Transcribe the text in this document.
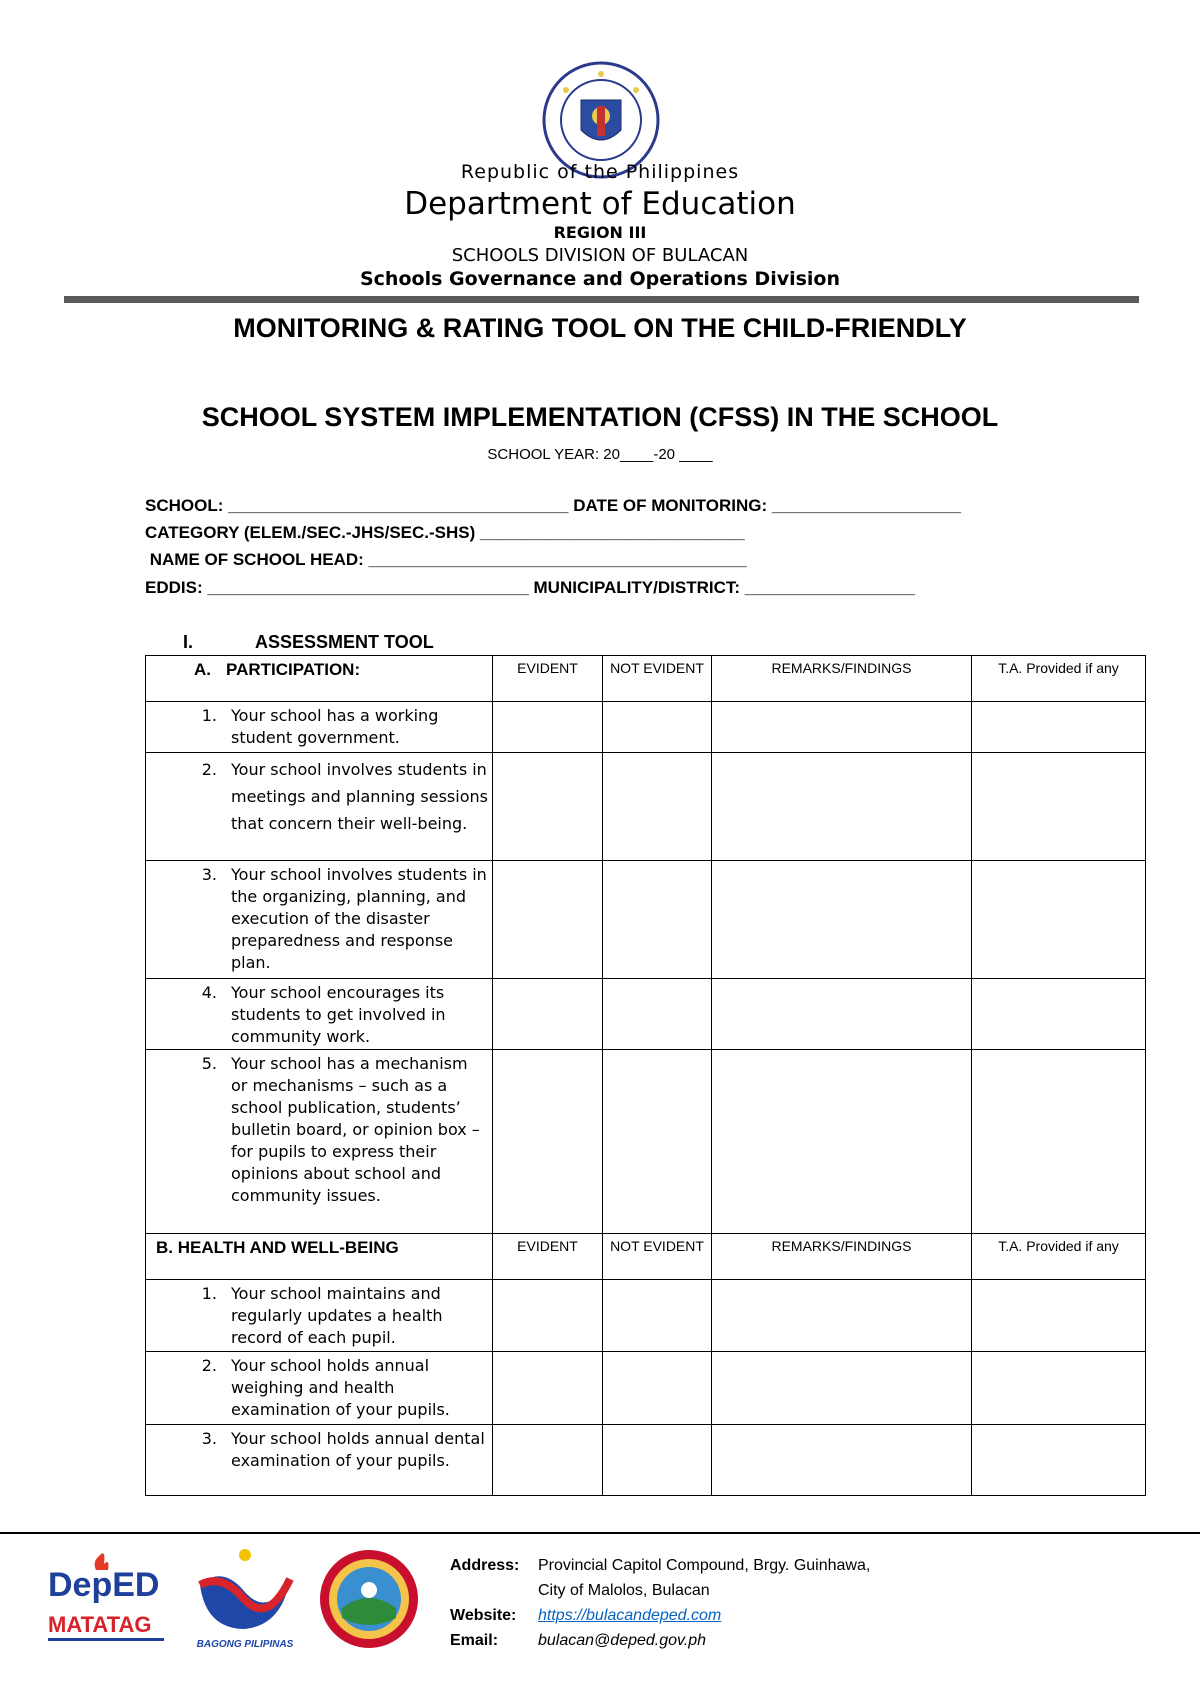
Republic of the Philippines
Department of Education
REGION III
SCHOOLS DIVISION OF BULACAN
Schools Governance and Operations Division
MONITORING & RATING TOOL ON THE CHILD-FRIENDLY
SCHOOL SYSTEM IMPLEMENTATION (CFSS) IN THE SCHOOL
SCHOOL YEAR: 20____-20 ____
SCHOOL: ____________________________________ DATE OF MONITORING: ____________________
CATEGORY (ELEM./SEC.-JHS/SEC.-SHS) ____________________________
NAME OF SCHOOL HEAD: ________________________________________
EDDIS: __________________________________ MUNICIPALITY/DISTRICT: __________________
I.	ASSESSMENT TOOL
A. PARTICIPATION:	EVIDENT	NOT EVIDENT	REMARKS/FINDINGS	T.A. Provided if any

1. Your school has a working student government.				

2. Your school involves students in meetings and planning sessions that concern their well-being.				

3. Your school involves students in the organizing, planning, and execution of the disaster preparedness and response plan.				

4. Your school encourages its students to get involved in community work.				

5. Your school has a mechanism or mechanisms – such as a school publication, students’ bulletin board, or opinion box – for pupils to express their opinions about school and community issues.				

B. HEALTH AND WELL-BEING	EVIDENT	NOT EVIDENT	REMARKS/FINDINGS	T.A. Provided if any

1. Your school maintains and regularly updates a health record of each pupil.				

2. Your school holds annual weighing and health examination of your pupils.				

3. Your school holds annual dental examination of your pupils.				

DepED
MATATAG
BAGONG PILIPINAS
Address: Provincial Capitol Compound, Brgy. Guinhawa,
City of Malolos, Bulacan
Website: https://bulacandeped.com
Email: bulacan@deped.gov.ph
